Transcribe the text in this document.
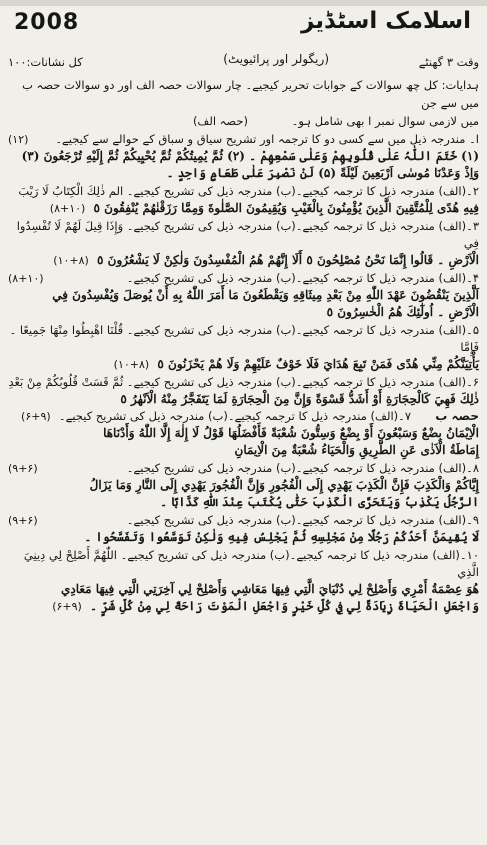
اسلامک اسٹڈیز
2008
وقت ۳ گھنٹے
(ریگولر اور پرائیویٹ)
کل نشانات:۱۰۰

ہدایات: کل چھ سوالات کے جوابات تحریر کیجیے۔ چار سوالات حصہ الف اور دو سوالات حصہ ب میں سے جن

میں لازمی سوال نمبر ا بھی شامل ہو۔ (حصہ الف)

ا۔ مندرجہ ذیل میں سے کسی دو کا ترجمہ اور تشریح سیاق و سباق کے حوالے سے کیجیے۔
(۱۲)

(۱) خَتَمَ اللّٰہُ عَلٰی قُلُوبِهِمْ وَعَلٰی سَمْعِهِمْ ۔ (۲) ثُمَّ يُمِيتُكُمْ ثُمَّ يُحْيِيكُمْ ثُمَّ إِلَيْهِ تُرْجَعُونَ (۳)

وَاِذْ وَعَدْنَا مُوسٰى اَرْبَعِينَ لَيْلَةً (۵) لَنْ نَصْبِرَ عَلٰى طَعَامٍ وَاحِدٍ ۔

۲۔(الف) مندرجہ ذیل کا ترجمہ کیجیے۔(ب) مندرجہ ذیل کی تشریح کیجیے۔ الم ذٰلِكَ الْكِتَابُ لَا رَيْبَ

فِيهِ هُدًى لِلْمُتَّقِينَ الَّذِينَ يُؤْمِنُونَ بِالْغَيْبِ وَيُقِيمُونَ الصَّلٰوةَ وَمِمَّا رَزَقْنٰهُمْ يُنْفِقُونَ ٥ (۱۰+۸)

۳۔(الف) مندرجہ ذیل کا ترجمہ کیجیے۔(ب) مندرجہ ذیل کی تشریح کیجیے۔ وَإِذَا قِيلَ لَهُمْ لَا تُفْسِدُوا فِي

الْاَرْضِ ۔ قَالُوا إِنَّمَا نَحْنُ مُصْلِحُونَ ٥ أَلَا إِنَّهُمْ هُمُ الْمُفْسِدُونَ وَلٰكِنْ لَا يَشْعُرُونَ ٥ (۸+۱۰)

۴۔(الف) مندرجہ ذیل کا ترجمہ کیجیے۔(ب) مندرجہ ذیل کی تشریح کیجیے۔
(۸+۱۰)

اَلَّذِينَ يَنْقُضُونَ عَهْدَ اللّٰهِ مِنْ بَعْدِ مِيثَاقِهِ وَيَقْطَعُونَ مَا أَمَرَ اللّٰهُ بِهِ أَنْ يُوصَلَ وَيُفْسِدُونَ فِي

الْاَرْضِ ۔ اُولٰٓئِكَ هُمُ الْخٰسِرُونَ ٥

۵۔(الف) مندرجہ ذیل کا ترجمہ کیجیے۔(ب) مندرجہ ذیل کی تشریح کیجیے۔ قُلْنَا اهْبِطُوا مِنْهَا جَمِيعًا ۔ فَإِمَّا

يَأْتِيَنَّكُمْ مِنِّي هُدًى فَمَنْ تَبِعَ هُدَايَ فَلَا خَوْفٌ عَلَيْهِمْ وَلَا هُمْ يَحْزَنُونَ ٥ (۸+۱۰)

۶۔(الف) مندرجہ ذیل کا ترجمہ کیجیے۔(ب) مندرجہ ذیل کی تشریح کیجیے۔ ثُمَّ قَسَتْ قُلُوبُكُمْ مِنْ بَعْدِ

ذٰلِكَ فَهِيَ كَالْحِجَارَةِ أَوْ أَشَدُّ قَسْوَةً وَإِنَّ مِنَ الْحِجَارَةِ لَمَا يَتَفَجَّرُ مِنْهُ الْاَنْهٰرُ ٥

حصہ ب ۷۔(الف) مندرجہ ذیل کا ترجمہ کیجیے۔(ب) مندرجہ ذیل کی تشریح کیجیے۔ (۹+۶)

الْاِيْمَانُ بِضْعٌ وَسَبْعُونَ أَوْ بِضْعٌ وَسِتُّونَ شُعْبَةً فَأَفْضَلُهَا قَوْلُ لَا إِلٰهَ إِلَّا اللّٰهُ وَأَدْنَاهَا

إِمَاطَةُ الْاَذٰى عَنِ الطَّرِيقِ وَالْحَيَاءُ شُعْبَةٌ مِنَ الْاِيمَانِ

۸۔(الف) مندرجہ ذیل کا ترجمہ کیجیے۔(ب) مندرجہ ذیل کی تشریح کیجیے۔
(۹+۶)

إِيَّاكُمْ وَالْكَذِبَ فَإِنَّ الْكَذِبَ يَهْدِي إِلَى الْفُجُورِ وَإِنَّ الْفُجُورَ يَهْدِي إِلَى النَّارِ وَمَا يَزَالُ

الرَّجُلُ يَكْذِبُ وَيَتَحَرَّى الْكَذِبَ حَتّٰى يُكْتَبَ عِنْدَ اللّٰهِ كَذَّابًا ۔

۹۔(الف) مندرجہ ذیل کا ترجمہ کیجیے۔(ب) مندرجہ ذیل کی تشریح کیجیے۔
(۹+۶)

لَا يُقِيمَنَّ أَحَدُكُمْ رَجُلًا مِنْ مَجْلِسِهِ ثُمَّ يَجْلِسُ فِيهِ وَلٰكِنْ تَوَسَّعُوا وَتَفَسَّحُوا ۔

۱۰۔(الف) مندرجہ ذیل کا ترجمہ کیجیے۔(ب) مندرجہ ذیل کی تشریح کیجیے۔ اللّٰهُمَّ أَصْلِحْ لِي دِينِيَ الَّذِي

هُوَ عِصْمَةُ أَمْرِي وَأَصْلِحْ لِي دُنْيَايَ الَّتِي فِيهَا مَعَاشِي وَأَصْلِحْ لِي آخِرَتِي الَّتِي فِيهَا مَعَادِي

وَاجْعَلِ الْحَيَاةَ زِيَادَةً لِي فِي كُلِّ خَيْرٍ وَاجْعَلِ الْمَوْتَ رَاحَةً لِي مِنْ كُلِّ شَرٍّ ۔ (۹+۶)
